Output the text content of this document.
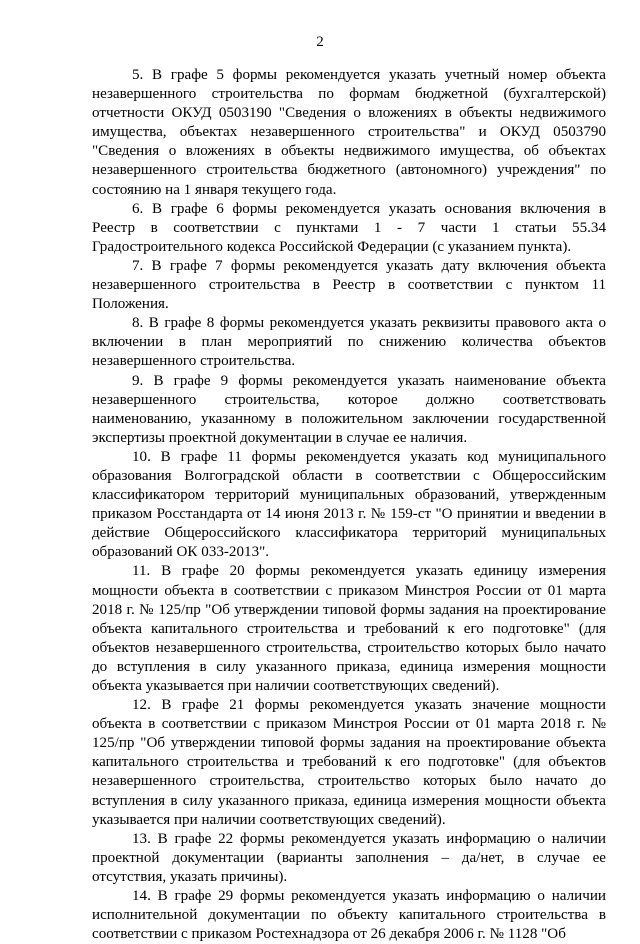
2

5. В графе 5 формы рекомендуется указать учетный номер объекта незавершенного строительства по формам бюджетной (бухгалтерской) отчетности ОКУД 0503190 "Сведения о вложениях в объекты недвижимого имущества, объектах незавершенного строительства" и ОКУД 0503790 "Сведения о вложениях в объекты недвижимого имущества, об объектах незавершенного строительства бюджетного (автономного) учреждения" по состоянию на 1 января текущего года.

6. В графе 6 формы рекомендуется указать основания включения в Реестр в соответствии с пунктами 1 - 7 части 1 статьи 55.34 Градостроительного кодекса Российской Федерации (с указанием пункта).

7. В графе 7 формы рекомендуется указать дату включения объекта незавершенного строительства в Реестр в соответствии с пунктом 11 Положения.

8. В графе 8 формы рекомендуется указать реквизиты правового акта о включении в план мероприятий по снижению количества объектов незавершенного строительства.

9. В графе 9 формы рекомендуется указать наименование объекта незавершенного строительства, которое должно соответствовать наименованию, указанному в положительном заключении государственной экспертизы проектной документации в случае ее наличия.

10. В графе 11 формы рекомендуется указать код муниципального образования Волгоградской области в соответствии с Общероссийским классификатором территорий муниципальных образований, утвержденным приказом Росстандарта от 14 июня 2013 г. № 159-ст "О принятии и введении в действие Общероссийского классификатора территорий муниципальных образований ОК 033-2013".

11. В графе 20 формы рекомендуется указать единицу измерения мощности объекта в соответствии с приказом Минстроя России от 01 марта 2018 г. № 125/пр "Об утверждении типовой формы задания на проектирование объекта капитального строительства и требований к его подготовке" (для объектов незавершенного строительства, строительство которых было начато до вступления в силу указанного приказа, единица измерения мощности объекта указывается при наличии соответствующих сведений).

12. В графе 21 формы рекомендуется указать значение мощности объекта в соответствии с приказом Минстроя России от 01 марта 2018 г. № 125/пр "Об утверждении типовой формы задания на проектирование объекта капитального строительства и требований к его подготовке" (для объектов незавершенного строительства, строительство которых было начато до вступления в силу указанного приказа, единица измерения мощности объекта указывается при наличии соответствующих сведений).

13. В графе 22 формы рекомендуется указать информацию о наличии проектной документации (варианты заполнения – да/нет, в случае ее отсутствия, указать причины).

14. В графе 29 формы рекомендуется указать информацию о наличии исполнительной документации по объекту капитального строительства в соответствии с приказом Ростехнадзора от 26 декабря 2006 г. № 1128 "Об
